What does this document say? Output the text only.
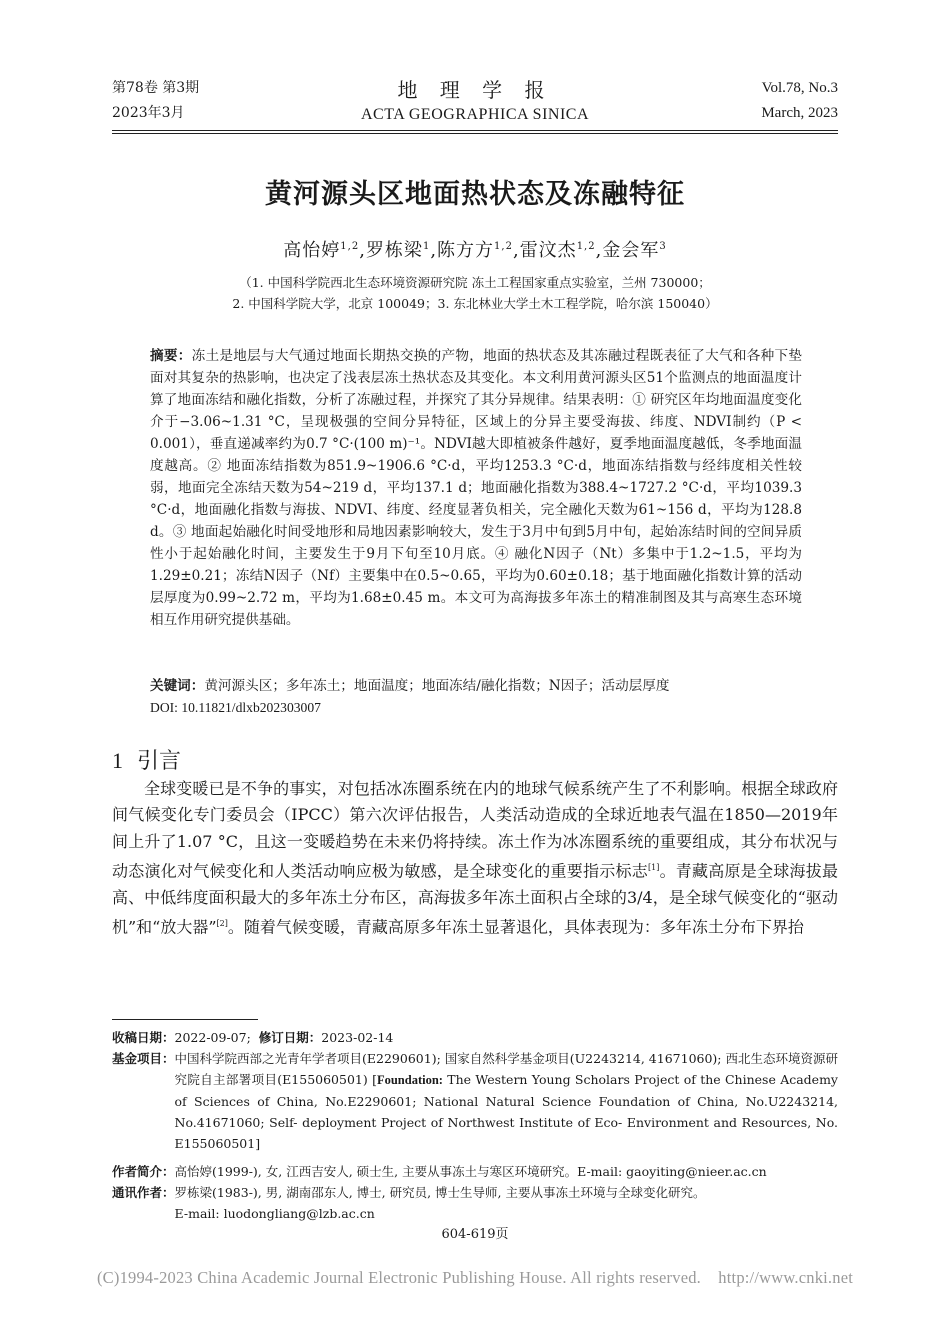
第78卷 第3期
2023年3月
地 理 学 报
ACTA GEOGRAPHICA SINICA
Vol.78, No.3
March, 2023
黄河源头区地面热状态及冻融特征
高怡婷$^{1,2}$,罗栋梁$^1$,陈方方$^{1,2}$,雷汶杰$^{1,2}$,金会军$^3$
（1. 中国科学院西北生态环境资源研究院 冻土工程国家重点实验室，兰州 730000；
2. 中国科学院大学，北京 100049；3. 东北林业大学土木工程学院，哈尔滨 150040）
摘要：冻土是地层与大气通过地面长期热交换的产物，地面的热状态及其冻融过程既表征了大气和各种下垫面对其复杂的热影响，也决定了浅表层冻土热状态及其变化。本文利用黄河源头区51个监测点的地面温度计算了地面冻结和融化指数，分析了冻融过程，并探究了其分异规律。结果表明：① 研究区年均地面温度变化介于−3.06~1.31 °C，呈现极强的空间分异特征，区域上的分异主要受海拔、纬度、NDVI制约（P < 0.001），垂直递减率约为0.7 °C·(100 m)⁻¹。NDVI越大即植被条件越好，夏季地面温度越低，冬季地面温度越高。② 地面冻结指数为851.9~1906.6 °C·d，平均1253.3 °C·d，地面冻结指数与经纬度相关性较弱，地面完全冻结天数为54~219 d，平均137.1 d；地面融化指数为388.4~1727.2 °C·d，平均1039.3 °C·d，地面融化指数与海拔、NDVI、纬度、经度显著负相关，完全融化天数为61~156 d，平均为128.8 d。③ 地面起始融化时间受地形和局地因素影响较大，发生于3月中旬到5月中旬，起始冻结时间的空间异质性小于起始融化时间，主要发生于9月下旬至10月底。④ 融化N因子（Nt）多集中于1.2~1.5，平均为1.29±0.21；冻结N因子（Nf）主要集中在0.5~0.65，平均为0.60±0.18；基于地面融化指数计算的活动层厚度为0.99~2.72 m，平均为1.68±0.45 m。本文可为高海拔多年冻土的精准制图及其与高寒生态环境相互作用研究提供基础。
关键词：黄河源头区；多年冻土；地面温度；地面冻结/融化指数；N因子；活动层厚度
DOI: 10.11821/dlxb202303007
1 引言
全球变暖已是不争的事实，对包括冰冻圈系统在内的地球气候系统产生了不利影响。根据全球政府间气候变化专门委员会（IPCC）第六次评估报告，人类活动造成的全球近地表气温在1850—2019年间上升了1.07 °C，且这一变暖趋势在未来仍将持续。冻土作为冰冻圈系统的重要组成，其分布状况与动态演化对气候变化和人类活动响应极为敏感，是全球变化的重要指示标志[1]。青藏高原是全球海拔最高、中低纬度面积最大的多年冻土分布区，高海拔多年冻土面积占全球的3/4，是全球气候变化的“驱动机”和“放大器”[2]。随着气候变暖，青藏高原多年冻土显著退化，具体表现为：多年冻土分布下界抬
收稿日期：2022-09-07; 修订日期：2023-02-14
基金项目： 中国科学院西部之光青年学者项目(E2290601); 国家自然科学基金项目(U2243214, 41671060); 西北生态环境资源研究院自主部署项目(E155060501) [Foundation: The Western Young Scholars Project of the Chinese Academy of Sciences of China, No.E2290601; National Natural Science Foundation of China, No.U2243214, No.41671060; Self- deployment Project of Northwest Institute of Eco- Environment and Resources, No. E155060501]
作者简介： 高怡婷(1999-), 女, 江西吉安人, 硕士生, 主要从事冻土与寒区环境研究。E-mail: gaoyiting@nieer.ac.cn
通讯作者： 罗栋梁(1983-), 男, 湖南邵东人, 博士, 研究员, 博士生导师, 主要从事冻土环境与全球变化研究。
E-mail: luodongliang@lzb.ac.cn
604-619页
(C)1994-2023 China Academic Journal Electronic Publishing House. All rights reserved.    http://www.cnki.net
